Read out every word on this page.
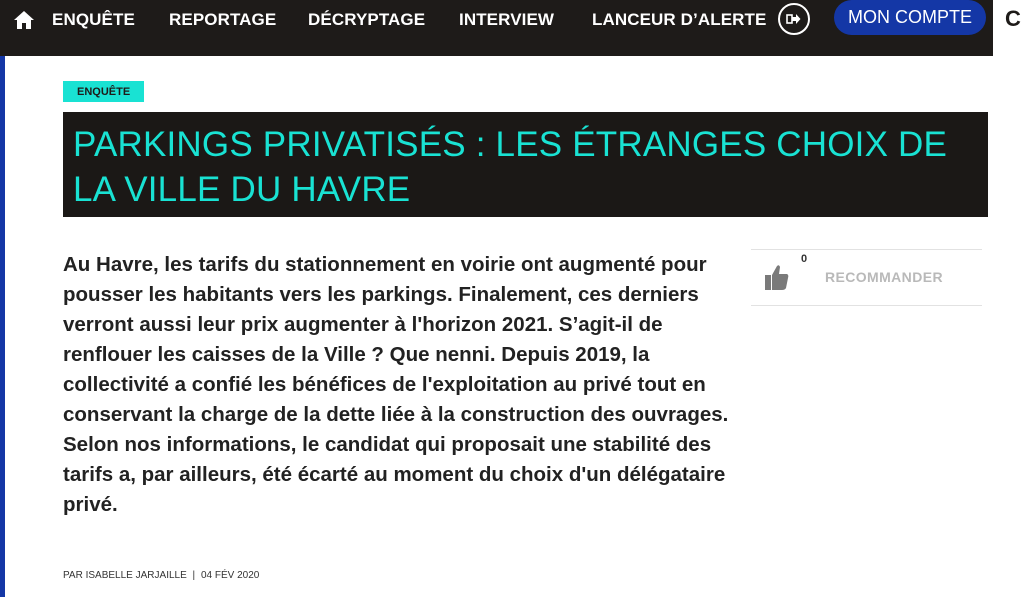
ENQUÊTE REPORTAGE DÉCRYPTAGE INTERVIEW LANCEUR D’ALERTE	MON COMPTE	C
ENQUÊTE
PARKINGS PRIVATISÉS : LES ÉTRANGES CHOIX DE LA VILLE DU HAVRE

Au Havre, les tarifs du stationnement en voirie ont augmenté pour pousser les habitants vers les parkings. Finalement, ces derniers verront aussi leur prix augmenter à l'horizon 2021. S’agit-il de renflouer les caisses de la Ville ? Que nenni. Depuis 2019, la collectivité a confié les bénéfices de l'exploitation au privé tout en conservant la charge de la dette liée à la construction des ouvrages. Selon nos informations, le candidat qui proposait une stabilité des tarifs a, par ailleurs, été écarté au moment du choix d'un délégataire privé.

PAR ISABELLE JARJAILLE | 04 FÉV 2020
0
RECOMMANDER
